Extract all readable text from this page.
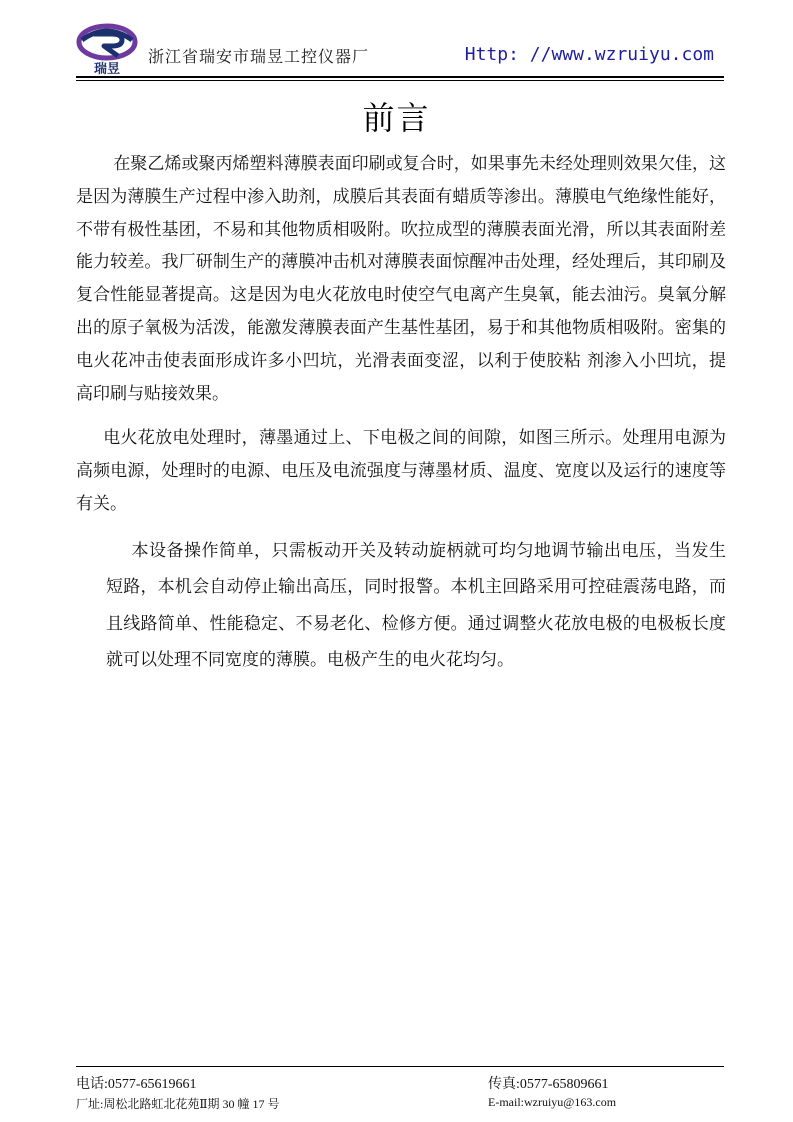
瑞昱
浙江省瑞安市瑞昱工控仪器厂	Http: //www.wzruiyu.com
前言

在聚乙烯或聚丙烯塑料薄膜表面印刷或复合时，如果事先未经处理则效果欠佳，这是因为薄膜生产过程中渗入助剂，成膜后其表面有蜡质等渗出。薄膜电气绝缘性能好，不带有极性基团，不易和其他物质相吸附。吹拉成型的薄膜表面光滑，所以其表面附差能力较差。我厂研制生产的薄膜冲击机对薄膜表面惊醒冲击处理，经处理后，其印刷及复合性能显著提高。这是因为电火花放电时使空气电离产生臭氧，能去油污。臭氧分解出的原子氧极为活泼，能激发薄膜表面产生基性基团，易于和其他物质相吸附。密集的电火花冲击使表面形成许多小凹坑，光滑表面变涩，以利于使胶粘 剂渗入小凹坑，提高印刷与贴接效果。

电火花放电处理时，薄墨通过上、下电极之间的间隙，如图三所示。处理用电源为高频电源，处理时的电源、电压及电流强度与薄墨材质、温度、宽度以及运行的速度等有关。

本设备操作简单，只需板动开关及转动旋柄就可均匀地调节输出电压，当发生短路，本机会自动停止输出高压，同时报警。本机主回路采用可控硅震荡电路，而且线路简单、性能稳定、不易老化、检修方便。通过调整火花放电极的电极板长度就可以处理不同宽度的薄膜。电极产生的电火花均匀。

电话:0577-65619661
厂址:周松北路虹北花苑Ⅱ期 30 幢 17 号
传真:0577-65809661
E-mail:wzruiyu@163.com
